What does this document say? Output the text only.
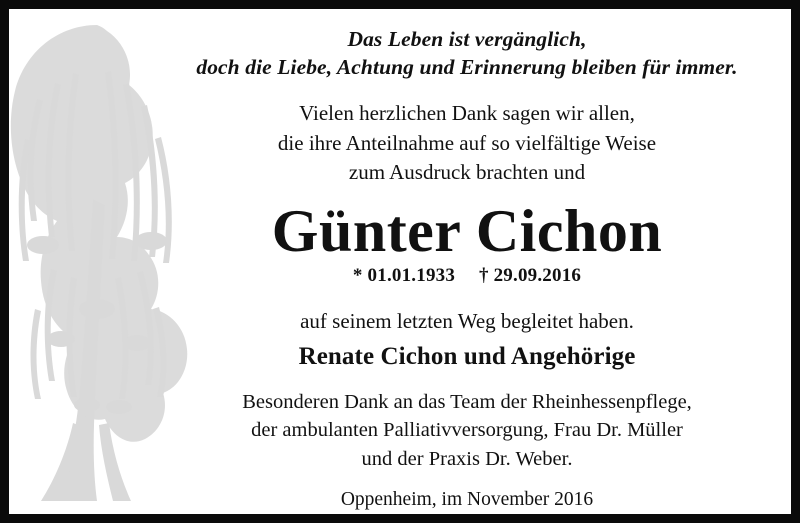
Das Leben ist vergänglich,
doch die Liebe, Achtung und Erinnerung bleiben für immer.
Vielen herzlichen Dank sagen wir allen,
die ihre Anteilnahme auf so vielfältige Weise
zum Ausdruck brachten und
Günter Cichon
* 01.01.1933 † 29.09.2016
auf seinem letzten Weg begleitet haben.
Renate Cichon und Angehörige
Besonderen Dank an das Team der Rheinhessenpflege,
der ambulanten Palliativversorgung, Frau Dr. Müller
und der Praxis Dr. Weber.
Oppenheim, im November 2016
